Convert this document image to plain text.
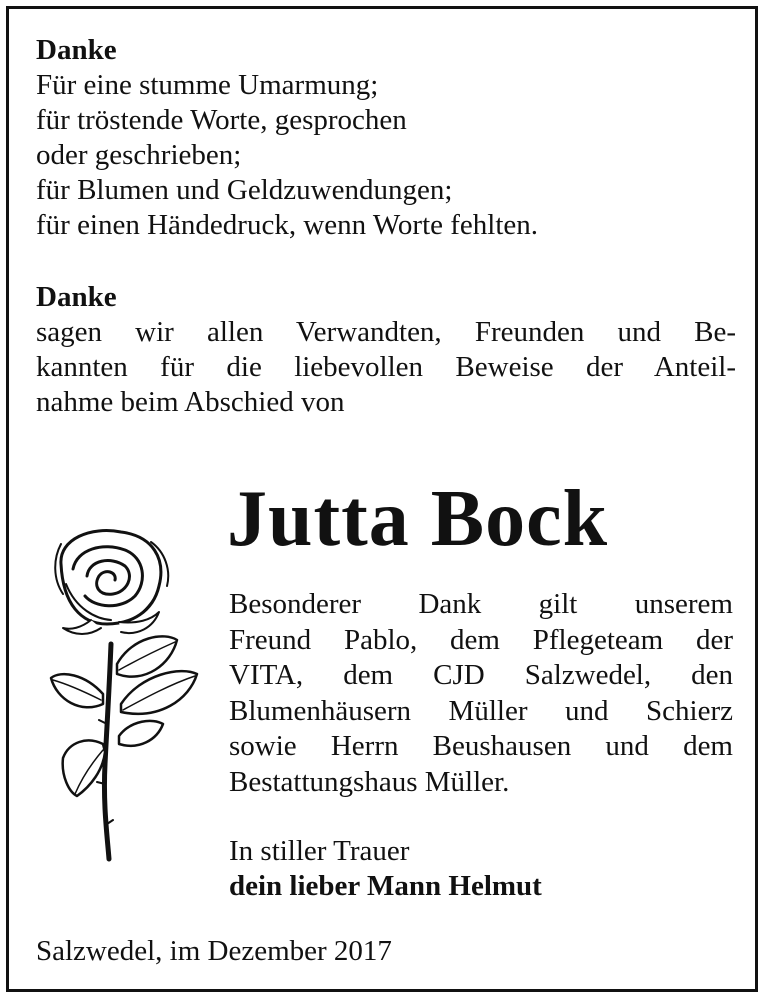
Danke
Für eine stumme Umarmung;
für tröstende Worte, gesprochen
oder geschrieben;
für Blumen und Geldzuwendungen;
für einen Händedruck, wenn Worte fehlten.
Danke
sagen wir allen Verwandten, Freunden und Be-
kannten für die liebevollen Beweise der Anteil-
nahme beim Abschied von
Jutta Bock
Besonderer Dank gilt unserem
Freund Pablo, dem Pflegeteam der
VITA, dem CJD Salzwedel, den
Blumenhäusern Müller und Schierz
sowie Herrn Beushausen und dem
Bestattungshaus Müller.
In stiller Trauer
dein lieber Mann Helmut
Salzwedel, im Dezember 2017
